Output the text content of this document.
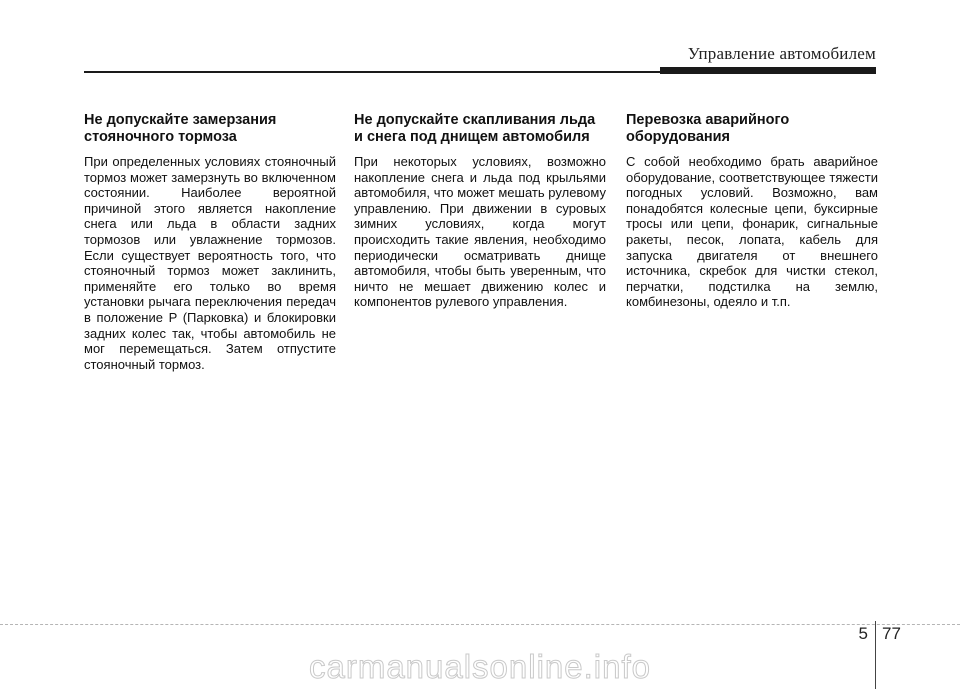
Управление автомобилем
Не допускайте замерзания стояночного тормоза

При определенных условиях стояночный тормоз может замерзнуть во включенном состоянии. Наиболее вероятной причиной этого является накопление снега или льда в области задних тормозов или увлажнение тормозов. Если существует вероятность того, что стояночный тормоз может заклинить, применяйте его только во время установки рычага переключения передач в положение P (Парковка) и блокировки задних колес так, чтобы автомобиль не мог перемещаться. Затем отпустите стояночный тормоз.

Не допускайте скапливания льда и снега под днищем автомобиля

При некоторых условиях, возможно накопление снега и льда под крыльями автомобиля, что может мешать рулевому управлению. При движении в суровых зимних условиях, когда могут происходить такие явления, необходимо периодически осматривать днище автомобиля, чтобы быть уверенным, что ничто не мешает движению колес и компонентов рулевого управления.

Перевозка аварийного оборудования

С собой необходимо брать аварийное оборудование, соответствующее тяжести погодных условий. Возможно, вам понадобятся колесные цепи, буксирные тросы или цепи, фонарик, сигнальные ракеты, песок, лопата, кабель для запуска двигателя от внешнего источника, скребок для чистки стекол, перчатки, подстилка на землю, комбинезоны, одеяло и т.п.

5 77
carmanualsonline.info
